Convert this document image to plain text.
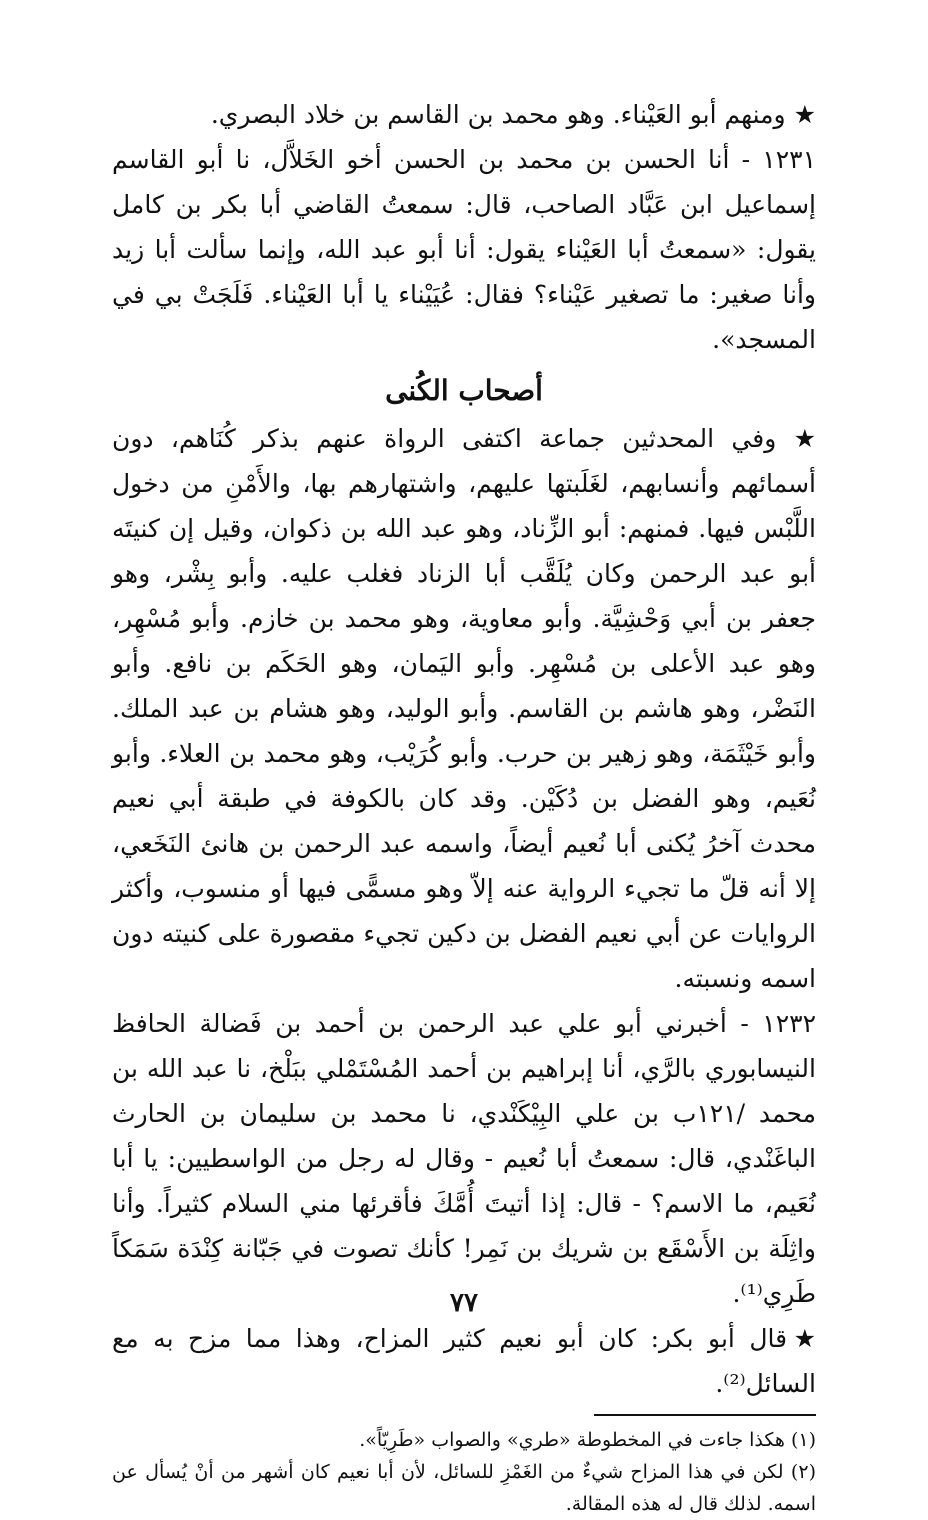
★ ومنهم أبو العَيْناء. وهو محمد بن القاسم بن خلاد البصري.

١٢٣١ - أنا الحسن بن محمد بن الحسن أخو الخَلاَّل، نا أبو القاسم إسماعيل ابن عَبَّاد الصاحب، قال: سمعتُ القاضي أبا بكر بن كامل يقول: «سمعتُ أبا العَيْناء يقول: أنا أبو عبد الله، وإنما سألت أبا زيد وأنا صغير: ما تصغير عَيْناء؟ فقال: عُيَيْناء يا أبا العَيْناء. فَلَجَتْ بي في المسجد».

أصحاب الكُنى

★ وفي المحدثين جماعة اكتفى الرواة عنهم بذكر كُنَاهم، دون أسمائهم وأنسابهم، لغَلَبتها عليهم، واشتهارهم بها، والأَمْنِ من دخول اللَّبْس فيها. فمنهم: أبو الزِّناد، وهو عبد الله بن ذكوان، وقيل إن كنيتَه أبو عبد الرحمن وكان يُلَقَّب أبا الزناد فغلب عليه. وأبو بِشْر، وهو جعفر بن أبي وَحْشِيَّة. وأبو معاوية، وهو محمد بن خازم. وأبو مُسْهِر، وهو عبد الأعلى بن مُسْهِر. وأبو اليَمان، وهو الحَكَم بن نافع. وأبو النَضْر، وهو هاشم بن القاسم. وأبو الوليد، وهو هشام بن عبد الملك. وأبو خَيْثَمَة، وهو زهير بن حرب. وأبو كُرَيْب، وهو محمد بن العلاء. وأبو نُعَيم، وهو الفضل بن دُكَيْن. وقد كان بالكوفة في طبقة أبي نعيم محدث آخرُ يُكنى أبا نُعيم أيضاً، واسمه عبد الرحمن بن هانئ النَخَعي، إلا أنه قلّ ما تجيء الرواية عنه إلاّ وهو مسمًّى فيها أو منسوب، وأكثر الروايات عن أبي نعيم الفضل بن دكين تجيء مقصورة على كنيته دون اسمه ونسبته.

١٢٣٢ - أخبرني أبو علي عبد الرحمن بن أحمد بن فَضالة الحافظ النيسابوري بالرَّي، أنا إبراهيم بن أحمد المُسْتَمْلي ببَلْخ، نا عبد الله بن محمد /١٢١ب بن علي البِيْكَنْدي، نا محمد بن سليمان بن الحارث الباغَنْدي، قال: سمعتُ أبا نُعيم - وقال له رجل من الواسطيين: يا أبا نُعَيم، ما الاسم؟ - قال: إذا أتيتَ أُمَّكَ فأقرئها مني السلام كثيراً. وأنا واثِلَة بن الأَسْقَع بن شريك بن نَمِر! كأنك تصوت في جَبّانة كِنْدَة سَمَكاً طَرِي⁽¹⁾.

★قال أبو بكر: كان أبو نعيم كثير المزاح، وهذا مما مزح به مع السائل⁽²⁾.

(١) هكذا جاءت في المخطوطة «طري» والصواب «طَرِيّاً».

(٢) لكن في هذا المزاح شيءٌ من الغَمْزِ للسائل، لأن أبا نعيم كان أشهر من أنْ يُسأل عن اسمه. لذلك قال له هذه المقالة.

٧٧
